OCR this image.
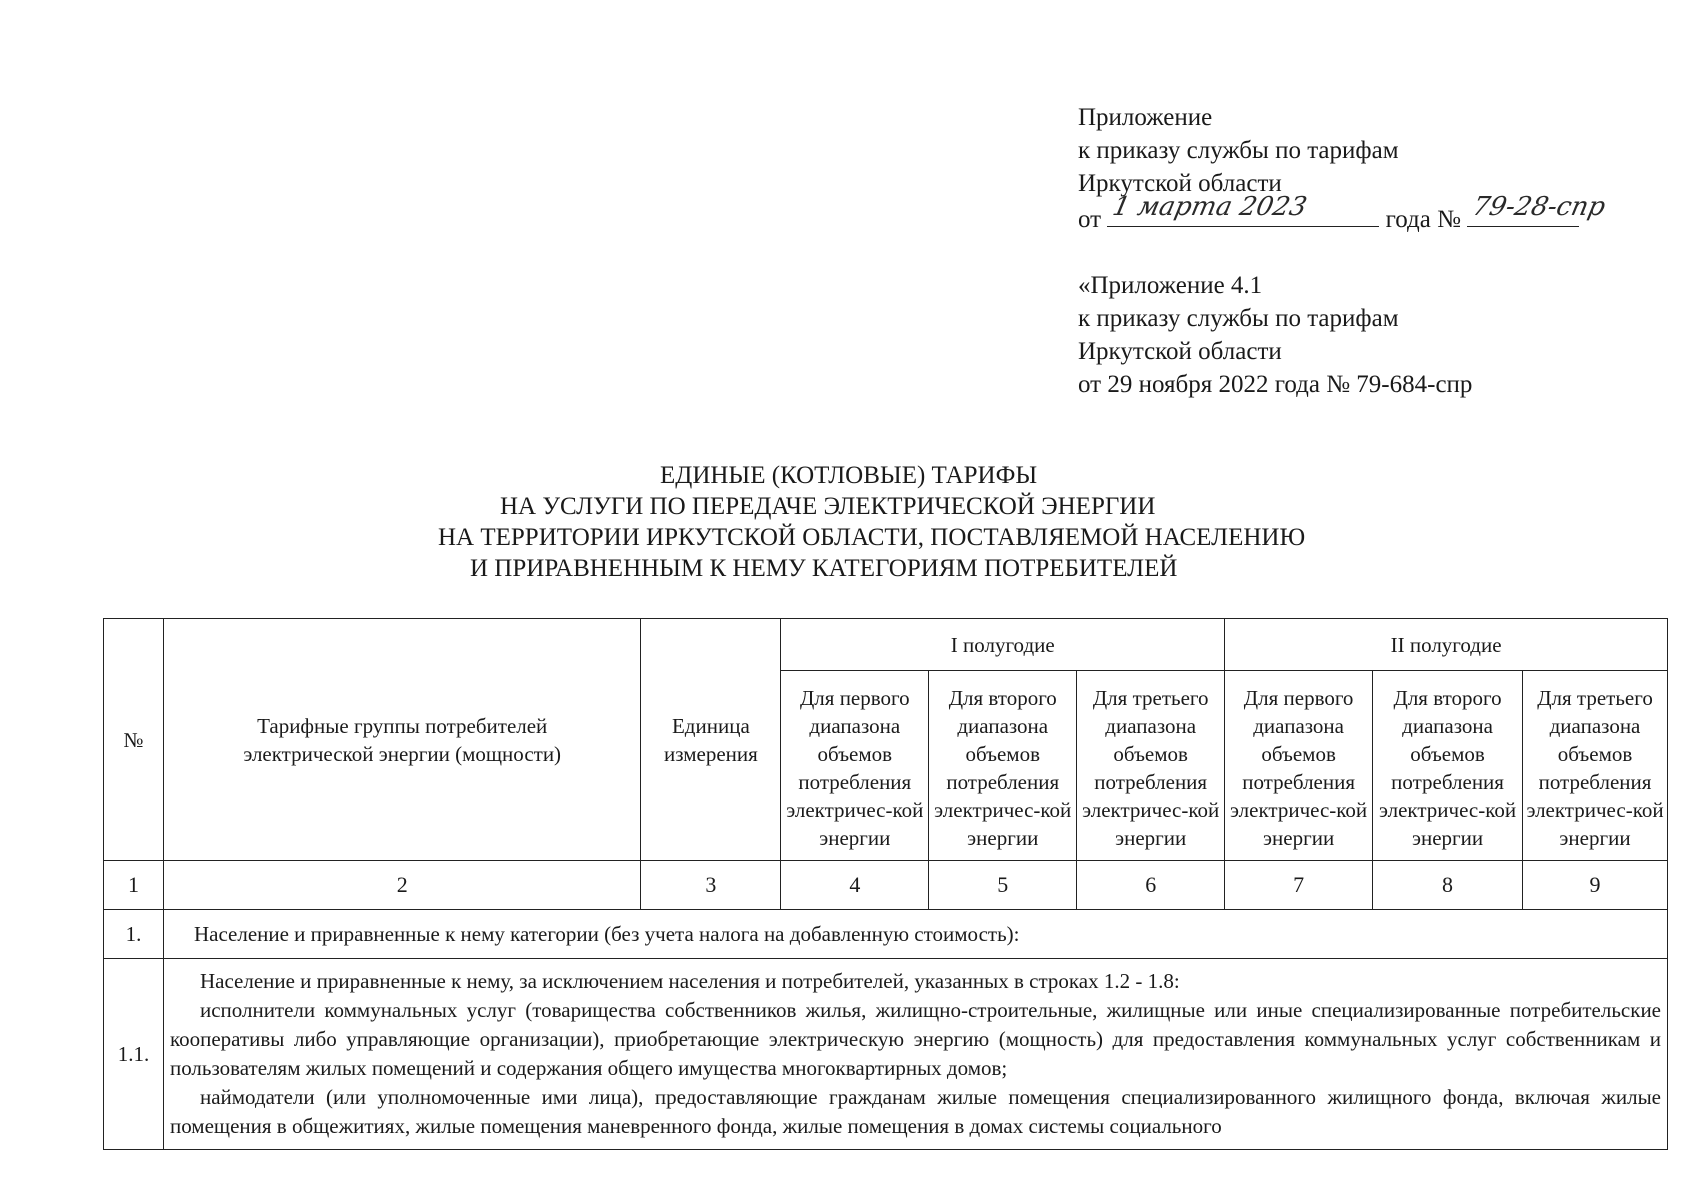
Приложение
к приказу службы по тарифам
Иркутской области
от 1 марта 2023	года № 79-28-спр
«Приложение 4.1
к приказу службы по тарифам
Иркутской области
от 29 ноября 2022 года № 79-684-спр
ЕДИНЫЕ (КОТЛОВЫЕ) ТАРИФЫ
НА УСЛУГИ ПО ПЕРЕДАЧЕ ЭЛЕКТРИЧЕСКОЙ ЭНЕРГИИ
НА ТЕРРИТОРИИ ИРКУТСКОЙ ОБЛАСТИ, ПОСТАВЛЯЕМОЙ НАСЕЛЕНИЮ
И ПРИРАВНЕННЫМ К НЕМУ КАТЕГОРИЯМ ПОТРЕБИТЕЛЕЙ
№	Тарифные группы потребителей электрической энергии (мощности)	Единица измерения	I полугодие			II полугодие		
			Для первого диапазона объемов потребления электричес-кой энергии	Для второго диапазона объемов потребления электричес-кой энергии	Для третьего диапазона объемов потребления электричес-кой энергии	Для первого диапазона объемов потребления электричес-кой энергии	Для второго диапазона объемов потребления электричес-кой энергии	Для третьего диапазона объемов потребления электричес-кой энергии
1	2	3	4	5	6	7	8	9
1.	Население и приравненные к нему категории (без учета налога на добавленную стоимость):							
1.1.	Население и приравненные к нему, за исключением населения и потребителей, указанных в строках 1.2 - 1.8:

исполнители коммунальных услуг (товарищества собственников жилья, жилищно-строительные, жилищные или иные специализированные потребительские кооперативы либо управляющие организации), приобретающие электрическую энергию (мощность) для предоставления коммунальных услуг собственникам и пользователям жилых помещений и содержания общего имущества многоквартирных домов;

наймодатели (или уполномоченные ими лица), предоставляющие гражданам жилые помещения специализированного жилищного фонда, включая жилые помещения в общежитиях, жилые помещения маневренного фонда, жилые помещения в домах системы социального							
